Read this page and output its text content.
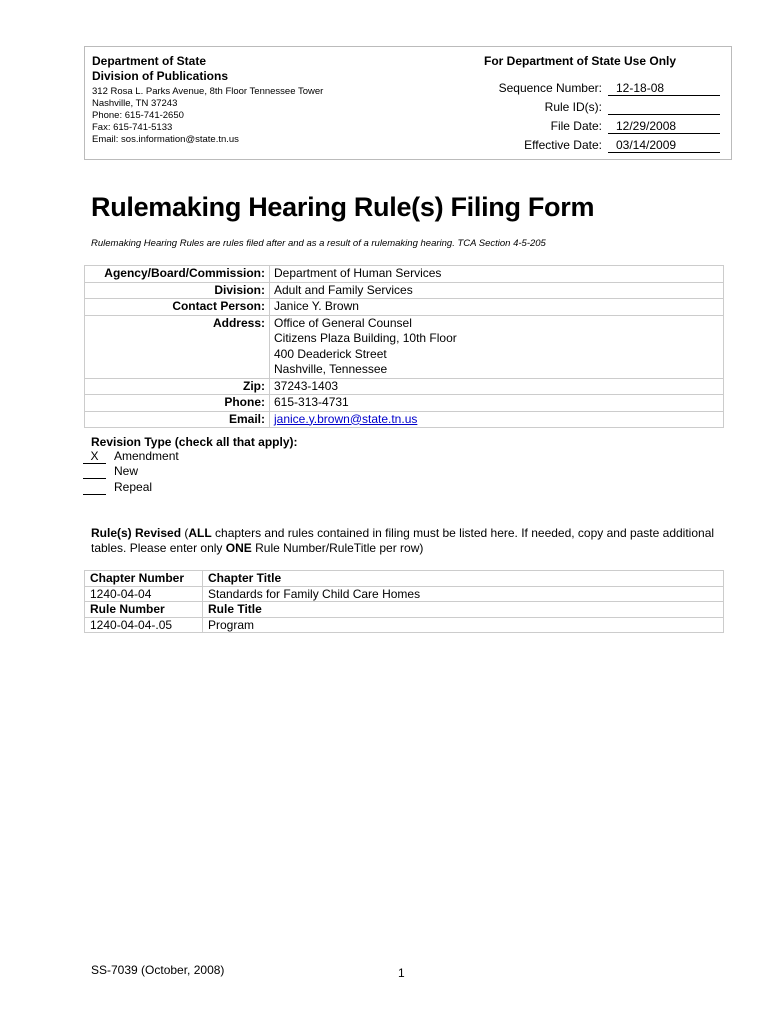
Department of State
Division of Publications
312 Rosa L. Parks Avenue, 8th Floor Tennessee Tower
Nashville, TN 37243
Phone: 615-741-2650
Fax: 615-741-5133
Email: sos.information@state.tn.us
For Department of State Use Only
Sequence Number:	12-18-08
Rule ID(s):
File Date:	12/29/2008
Effective Date:	03/14/2009
Rulemaking Hearing Rule(s) Filing Form
Rulemaking Hearing Rules are rules filed after and as a result of a rulemaking hearing. TCA Section 4-5-205
Agency/Board/Commission:	Department of Human Services
Division:	Adult and Family Services
Contact Person:	Janice Y. Brown
Address:	Office of General Counsel
Citizens Plaza Building, 10th Floor
400 Deaderick Street
Nashville, Tennessee

Zip:	37243-1403
Phone:	615-313-4731
Email:	janice.y.brown@state.tn.us
Revision Type (check all that apply):
X Amendment
New
Repeal
Rule(s) Revised (ALL chapters and rules contained in filing must be listed here. If needed, copy and paste additional tables. Please enter only ONE Rule Number/RuleTitle per row)
Chapter Number	Chapter Title
1240-04-04	Standards for Family Child Care Homes
Rule Number	Rule Title
1240-04-04-.05	Program
SS-7039 (October, 2008)	1
